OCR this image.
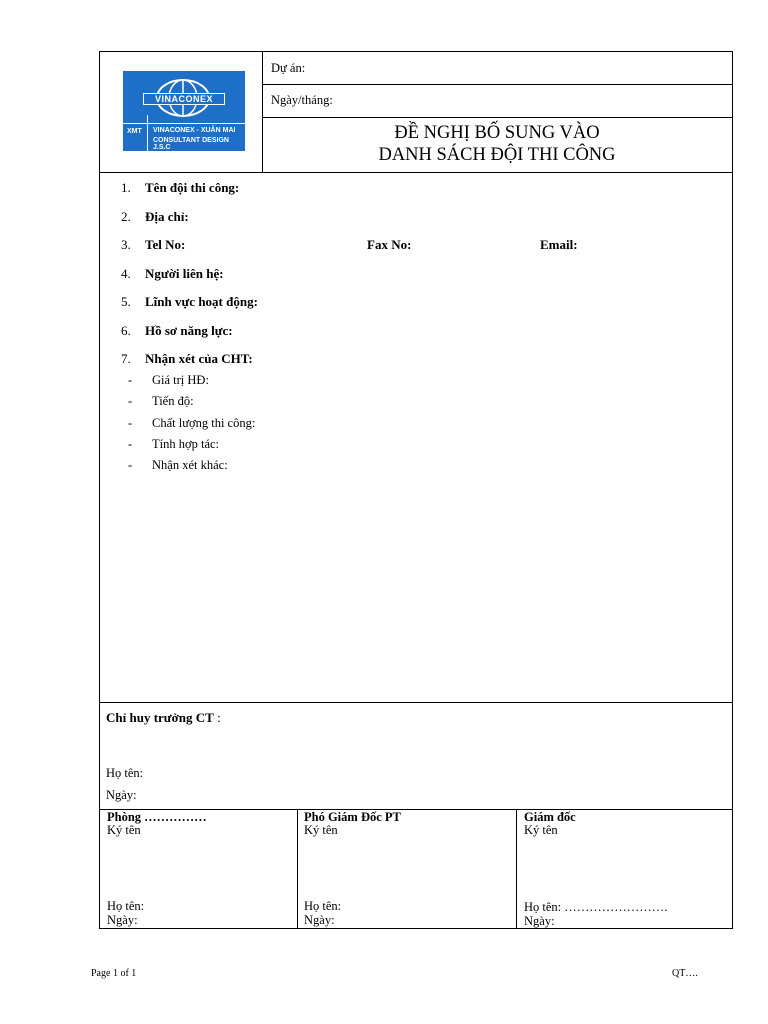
VINACONEX
XMT VINACONEX - XUÂN MAI
CONSULTANT DESIGN J.S.C
Dự án:
Ngày/tháng:
ĐỀ NGHỊ BỐ SUNG VÀO
DANH SÁCH ĐỘI THI CÔNG
1. Tên đội thi công:
2. Địa chỉ:
3. Tel No:	Fax No:	Email:
4. Người liên hệ:
5. Lĩnh vực hoạt động:
6. Hồ sơ năng lực:
7. Nhận xét của CHT:
- Giá trị HĐ:
- Tiến độ:
- Chất lượng thi công:
- Tính hợp tác:
- Nhận xét khác:
Chỉ huy trưởng CT :
Họ tên:
Ngày:
Phòng ……………
Ký tên
Họ tên:
Ngày:
Phó Giám Đốc PT
Ký tên
Họ tên:
Ngày:
Giám đốc
Ký tên
Họ tên: …………………….
Ngày:
Page 1 of 1	QT….
